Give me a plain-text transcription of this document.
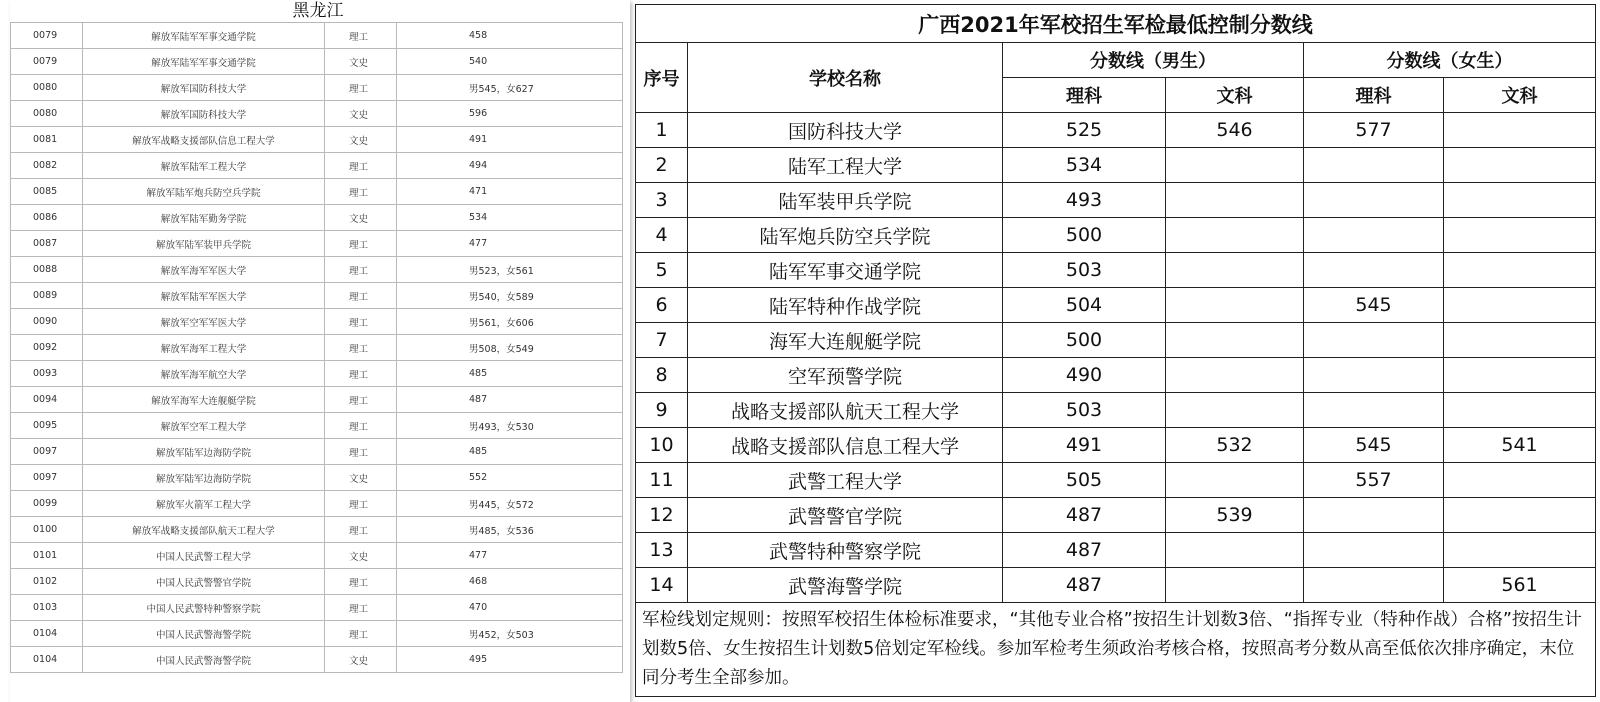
黑龙江
0079	解放军陆军军事交通学院	理工	458
0079	解放军陆军军事交通学院	文史	540
0080	解放军国防科技大学	理工	男545，女627
0080	解放军国防科技大学	文史	596
0081	解放军战略支援部队信息工程大学	文史	491
0082	解放军陆军工程大学	理工	494
0085	解放军陆军炮兵防空兵学院	理工	471
0086	解放军陆军勤务学院	文史	534
0087	解放军陆军装甲兵学院	理工	477
0088	解放军海军军医大学	理工	男523，女561
0089	解放军陆军军医大学	理工	男540，女589
0090	解放军空军军医大学	理工	男561，女606
0092	解放军海军工程大学	理工	男508，女549
0093	解放军海军航空大学	理工	485
0094	解放军海军大连舰艇学院	理工	487
0095	解放军空军工程大学	理工	男493，女530
0097	解放军陆军边海防学院	理工	485
0097	解放军陆军边海防学院	文史	552
0099	解放军火箭军工程大学	理工	男445，女572
0100	解放军战略支援部队航天工程大学	理工	男485，女536
0101	中国人民武警工程大学	文史	477
0102	中国人民武警警官学院	理工	468
0103	中国人民武警特种警察学院	理工	470
0104	中国人民武警海警学院	理工	男452，女503
0104	中国人民武警海警学院	文史	495
广西2021年军校招生军检最低控制分数线					
序号	学校名称	分数线（男生）		分数线（女生）	
		理科	文科	理科	文科
1	国防科技大学	525	546	577	
2	陆军工程大学	534			
3	陆军装甲兵学院	493			
4	陆军炮兵防空兵学院	500			
5	陆军军事交通学院	503			
6	陆军特种作战学院	504		545	
7	海军大连舰艇学院	500			
8	空军预警学院	490			
9	战略支援部队航天工程大学	503			
10	战略支援部队信息工程大学	491	532	545	541
11	武警工程大学	505		557	
12	武警警官学院	487	539		
13	武警特种警察学院	487			
14	武警海警学院	487			561
军检线划定规则：按照军校招生体检标准要求，“其他专业合格”按招生计划数3倍、“指挥专业（特种作战）合格”按招生计划数5倍、女生按招生计划数5倍划定军检线。参加军检考生须政治考核合格，按照高考分数从高至低依次排序确定，末位同分考生全部参加。					
